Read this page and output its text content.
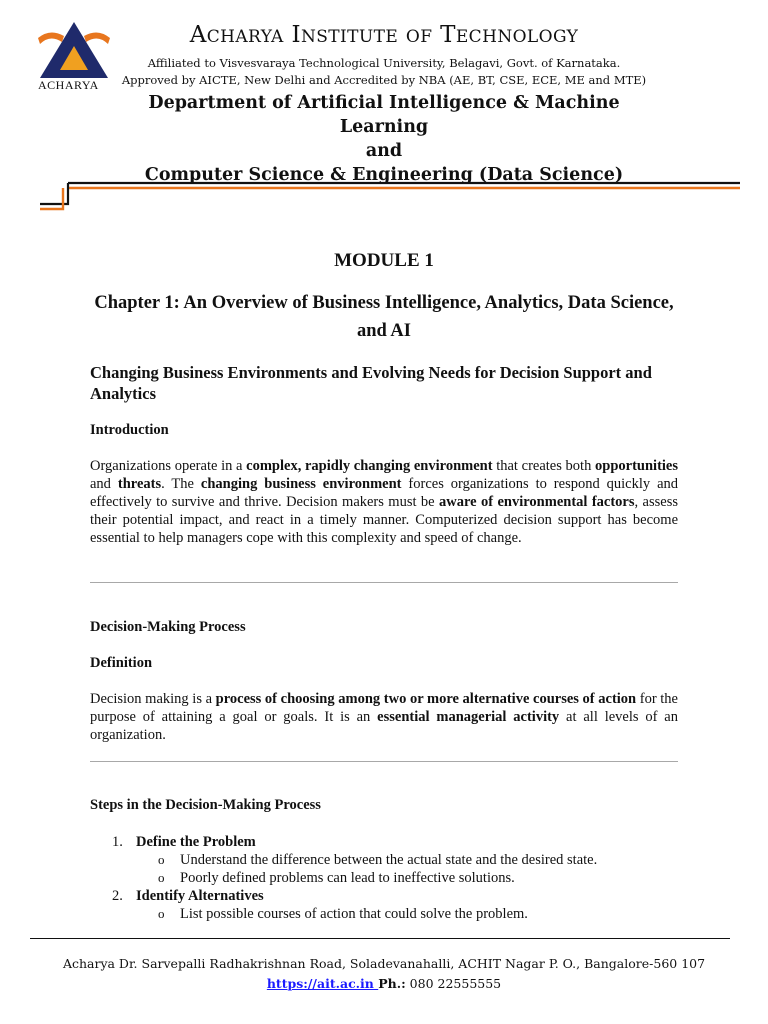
ACHARYA
ACHARYA INSTITUTE OF TECHNOLOGY
Affiliated to Visvesvaraya Technological University, Belagavi, Govt. of Karnataka.
Approved by AICTE, New Delhi and Accredited by NBA (AE, BT, CSE, ECE, ME and MTE)
Department of Artificial Intelligence & Machine Learning
and
Computer Science & Engineering (Data Science)
MODULE 1
Chapter 1: An Overview of Business Intelligence, Analytics, Data Science, and AI
Changing Business Environments and Evolving Needs for Decision Support and Analytics
Introduction
Organizations operate in a complex, rapidly changing environment that creates both opportunities and threats. The changing business environment forces organizations to respond quickly and effectively to survive and thrive. Decision makers must be aware of environmental factors, assess their potential impact, and react in a timely manner. Computerized decision support has become essential to help managers cope with this complexity and speed of change.
Decision-Making Process
Definition
Decision making is a process of choosing among two or more alternative courses of action for the purpose of attaining a goal or goals. It is an essential managerial activity at all levels of an organization.
Steps in the Decision-Making Process
1. Define the Problem
o Understand the difference between the actual state and the desired state.
o Poorly defined problems can lead to ineffective solutions.
2. Identify Alternatives
o List possible courses of action that could solve the problem.
Acharya Dr. Sarvepalli Radhakrishnan Road, Soladevanahalli, ACHIT Nagar P. O., Bangalore-560 107
https://ait.ac.in Ph.: 080 22555555
